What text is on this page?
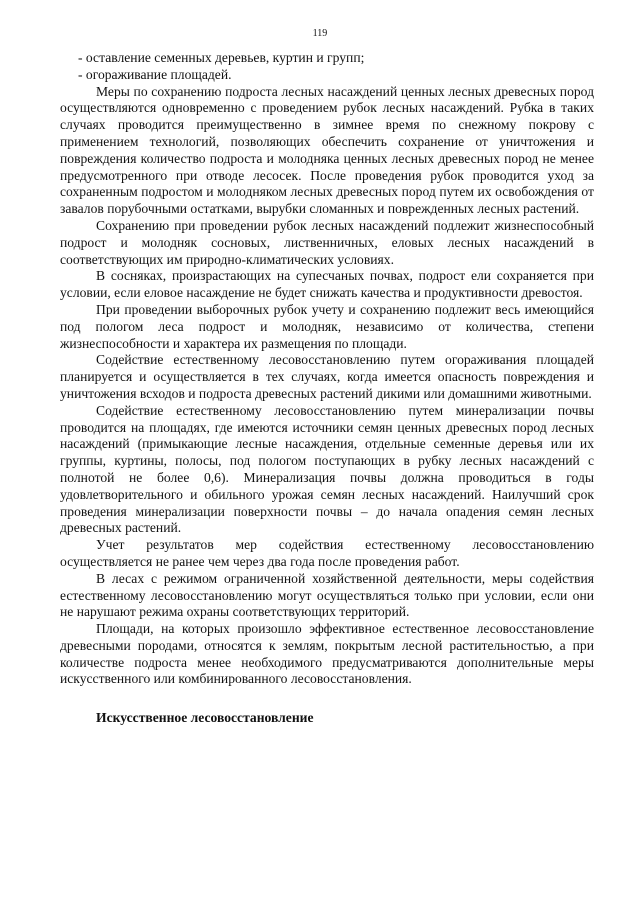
119

- оставление семенных деревьев, куртин и групп;

- огораживание площадей.

Меры по сохранению подроста лесных насаждений ценных лесных древесных пород осуществляются одновременно с проведением рубок лесных насаждений. Рубка в таких случаях проводится преимущественно в зимнее время по снежному покрову с применением технологий, позволяющих обеспечить сохранение от уничтожения и повреждения количество подроста и молодняка ценных лесных древесных пород не менее предусмотренного при отводе лесосек. После проведения рубок проводится уход за сохраненным подростом и молодняком лесных древесных пород путем их освобождения от завалов порубочными остатками, вырубки сломанных и поврежденных лесных растений.

Сохранению при проведении рубок лесных насаждений подлежит жизнеспособный подрост и молодняк сосновых, лиственничных, еловых лесных насаждений в соответствующих им природно-климатических условиях.

В сосняках, произрастающих на супесчаных почвах, подрост ели сохраняется при условии, если еловое насаждение не будет снижать качества и продуктивности древостоя.

При проведении выборочных рубок учету и сохранению подлежит весь имеющийся под пологом леса подрост и молодняк, независимо от количества, степени жизнеспособности и характера их размещения по площади.

Содействие естественному лесовосстановлению путем огораживания площадей планируется и осуществляется в тех случаях, когда имеется опасность повреждения и уничтожения всходов и подроста древесных растений дикими или домашними животными.

Содействие естественному лесовосстановлению путем минерализации почвы проводится на площадях, где имеются источники семян ценных древесных пород лесных насаждений (примыкающие лесные насаждения, отдельные семенные деревья или их группы, куртины, полосы, под пологом поступающих в рубку лесных насаждений с полнотой не более 0,6). Минерализация почвы должна проводиться в годы удовлетворительного и обильного урожая семян лесных насаждений. Наилучший срок проведения минерализации поверхности почвы – до начала опадения семян лесных древесных растений.

Учет результатов мер содействия естественному лесовосстановлению осуществляется не ранее чем через два года после проведения работ.

В лесах с режимом ограниченной хозяйственной деятельности, меры содействия естественному лесовосстановлению могут осуществляться только при условии, если они не нарушают режима охраны соответствующих территорий.

Площади, на которых произошло эффективное естественное лесовосстановление древесными породами, относятся к землям, покрытым лесной растительностью, а при количестве подроста менее необходимого предусматриваются дополнительные меры искусственного или комбинированного лесовосстановления.

Искусственное лесовосстановление
